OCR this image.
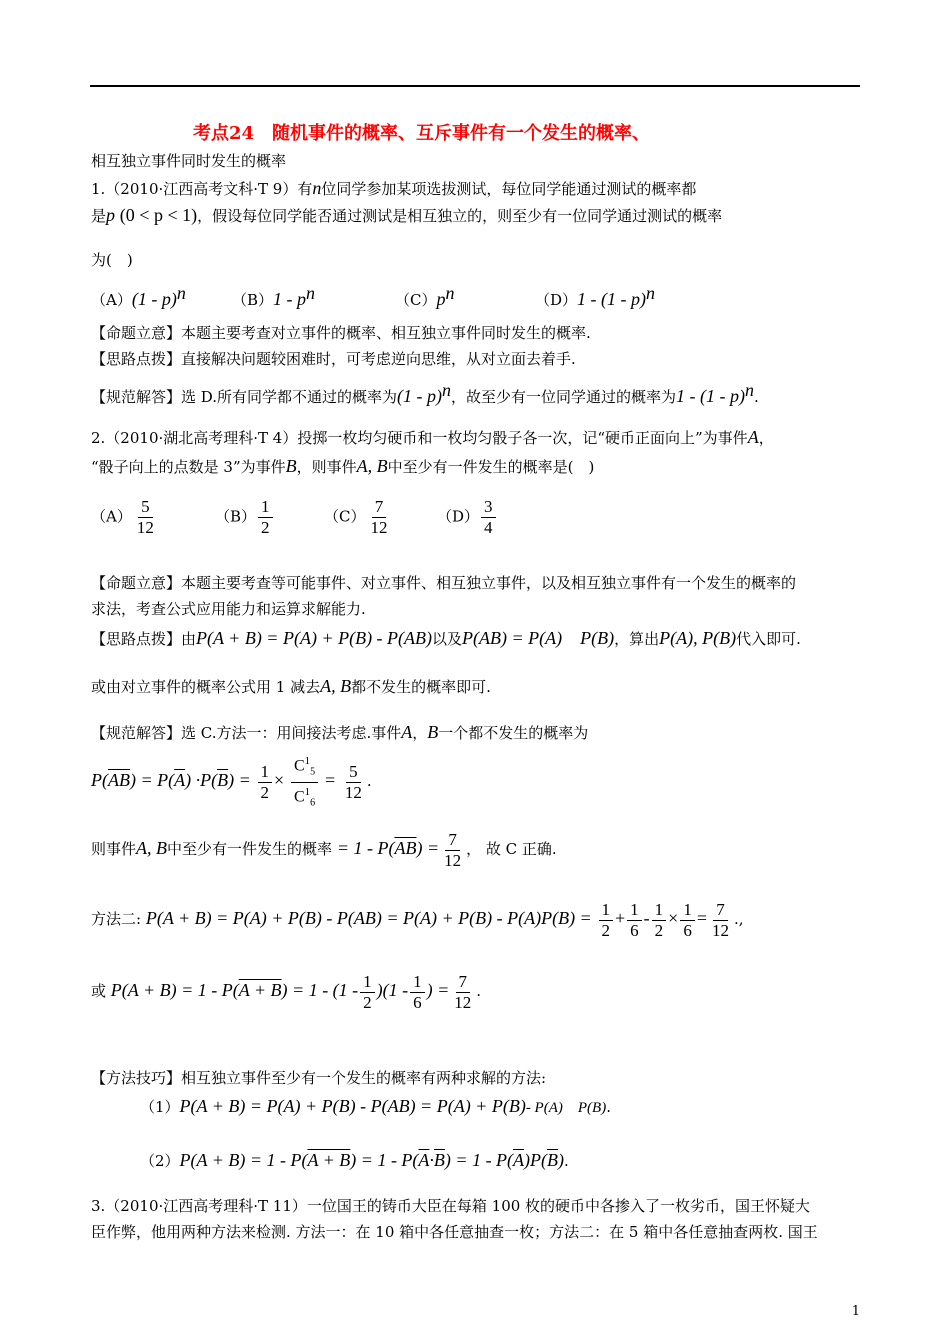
考点24　随机事件的概率、互斥事件有一个发生的概率、
相互独立事件同时发生的概率
1.（2010·江西高考文科·T 9）有n位同学参加某项选拔测试，每位同学能通过测试的概率都
是p (0 < p < 1)，假设每位同学能否通过测试是相互独立的，则至少有一位同学通过测试的概率
为(　)
（A）(1 - p)$^n$	$(B)1 - p^n$	$(C)p^n$	（D）1 - (1 - p)$^n$
【命题立意】本题主要考查对立事件的概率、相互独立事件同时发生的概率.
【思路点拨】直接解决问题较困难时，可考虑逆向思维，从对立面去着手.
【规范解答】选 D.所有同学都不通过的概率为(1 - p)$^n$，故至少有一位同学通过的概率为1 - (1 - p)$^n$.
2.（2010·湖北高考理科·T 4）投掷一枚均匀硬币和一枚均匀骰子各一次，记“硬币正面向上”为事件A，
“骰子向上的点数是 3”为事件B，则事件A, B中至少有一件发生的概率是(　)
$(A) \frac{5}{12}$	$(B) \frac{1}{2}$	$(C) \frac{7}{12}$	$(D) \frac{3}{4}$
【命题立意】本题主要考查等可能事件、对立事件、相互独立事件，以及相互独立事件有一个发生的概率的
求法，考查公式应用能力和运算求解能力.
【思路点拨】由P(A + B) = P(A) + P(B) - P(AB)以及P(AB) = P(A)　P(B)，算出P(A), P(B)代入即可.
或由对立事件的概率公式用 1 减去A, B都不发生的概率即可.
【规范解答】选 C.方法一：用间接法考虑.事件A，B一个都不发生的概率为
$P(\overline{A}\overline{B}) = P(\overline{A}) \cdot P(\overline{B}) = \frac{1}{2} \times \frac{C^1_5}{C^1_6} = \frac{5}{12}$ .
则事件A, B中至少有一件发生的概率 = $1 - P(\overline{AB}) = \frac{7}{12}$ ， 故 C 正确.
方法二: $P(A + B) = P(A) + P(B) - P(AB) = P(A) + P(B) - P(A)P(B) = \frac{1}{2} + \frac{1}{6} - \frac{1}{2} \times \frac{1}{6} = \frac{7}{12}$ .,
或 $P(A + B) = 1 - P(A + B) = 1 - (1 - \frac{1}{2} )(1 - \frac{1}{6}$ ) = $\frac{7}{12}$ .
【方法技巧】相互独立事件至少有一个发生的概率有两种求解的方法:
（1）P(A + B) = P(A) + P(B) - P(AB) = P(A) + P(B)- P(A)　P(B).
$(2)P(A + B) = 1 - P(A + B) = 1 - P(\overline{A}\cdot\overline{B}) = 1 - P(\overline{A})P(\overline{B})$.
3.（2010·江西高考理科·T 11）一位国王的铸币大臣在每箱 100 枚的硬币中各掺入了一枚劣币，国王怀疑大
臣作弊，他用两种方法来检测. 方法一：在 10 箱中各任意抽查一枚；方法二：在 5 箱中各任意抽查两枚. 国王
1
